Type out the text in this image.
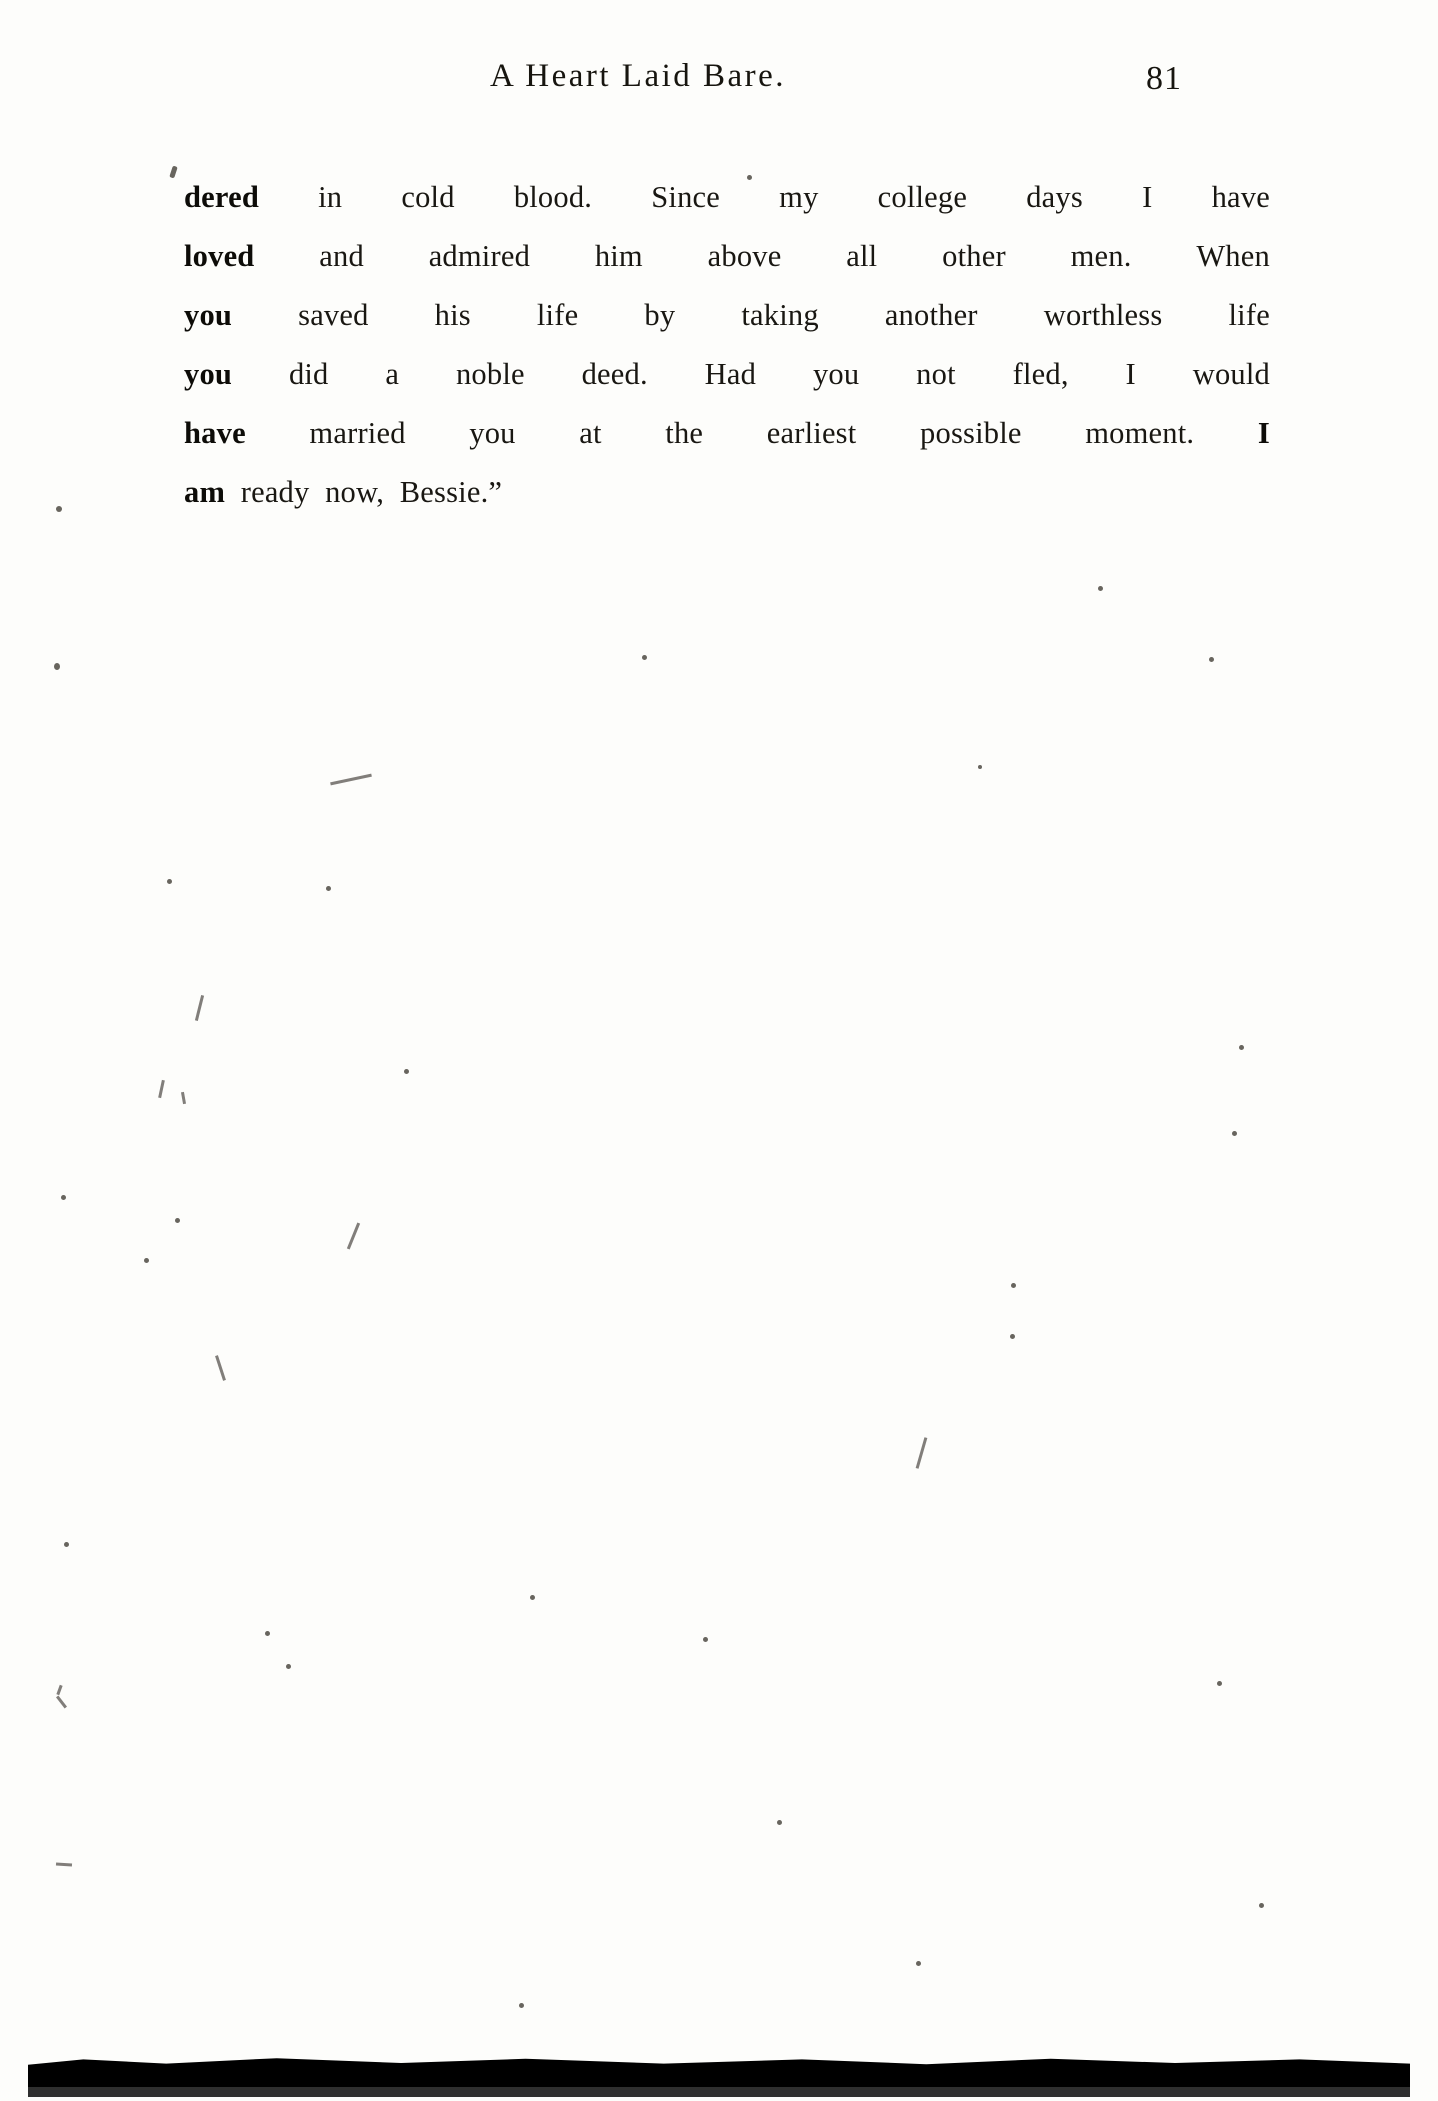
A Heart Laid Bare.	81
dered in cold blood. Since my college days I have
loved and admired him above all other men. When
you saved his life by taking another worthless life
you did a noble deed. Had you not fled, I would
have married you at the earliest possible moment. I
am ready now, Bessie.”
